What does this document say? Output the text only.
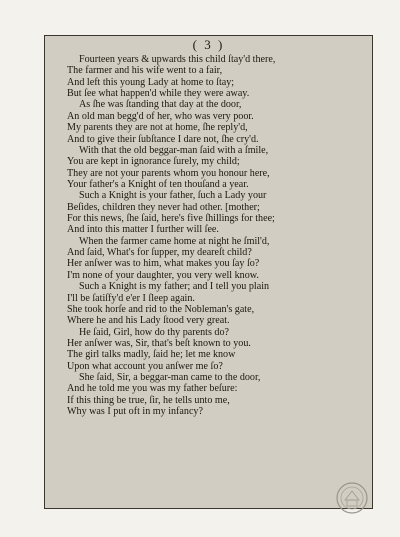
( 3 )
Fourteen years & upwards this child ſtay'd there,
The farmer and his wife went to a fair,
And left this young Lady at home to ſtay;
But ſee what happen'd while they were away.
As ſhe was ſtanding that day at the door,
An old man begg'd of her, who was very poor.
My parents they are not at home, ſhe reply'd,
And to give their ſubſtance I dare not, ſhe cry'd.
With that the old beggar-man ſaid with a ſmile,
You are kept in ignorance ſurely, my child;
They are not your parents whom you honour here,
Your father's a Knight of ten thouſand a year.
Such a Knight is your father, ſuch a Lady your
Beſides, children they never had other. [mother;
For this news, ſhe ſaid, here's five ſhillings for thee;
And into this matter I further will ſee.
When the farmer came home at night he ſmil'd,
And ſaid, What's for ſupper, my deareſt child?
Her anſwer was to him, what makes you ſay ſo?
I'm none of your daughter, you very well know.
Such a Knight is my father; and I tell you plain
I'll be ſatiſfy'd e'er I ſleep again.
She took horſe and rid to the Nobleman's gate,
Where he and his Lady ſtood very great.
He ſaid, Girl, how do thy parents do?
Her anſwer was, Sir, that's beſt known to you.
The girl talks madly, ſaid he; let me know
Upon what account you anſwer me ſo?
She ſaid, Sir, a beggar-man came to the door,
And he told me you was my father beſure:
If this thing be true, ſir, he tells unto me,
Why was I put oft in my infancy?
